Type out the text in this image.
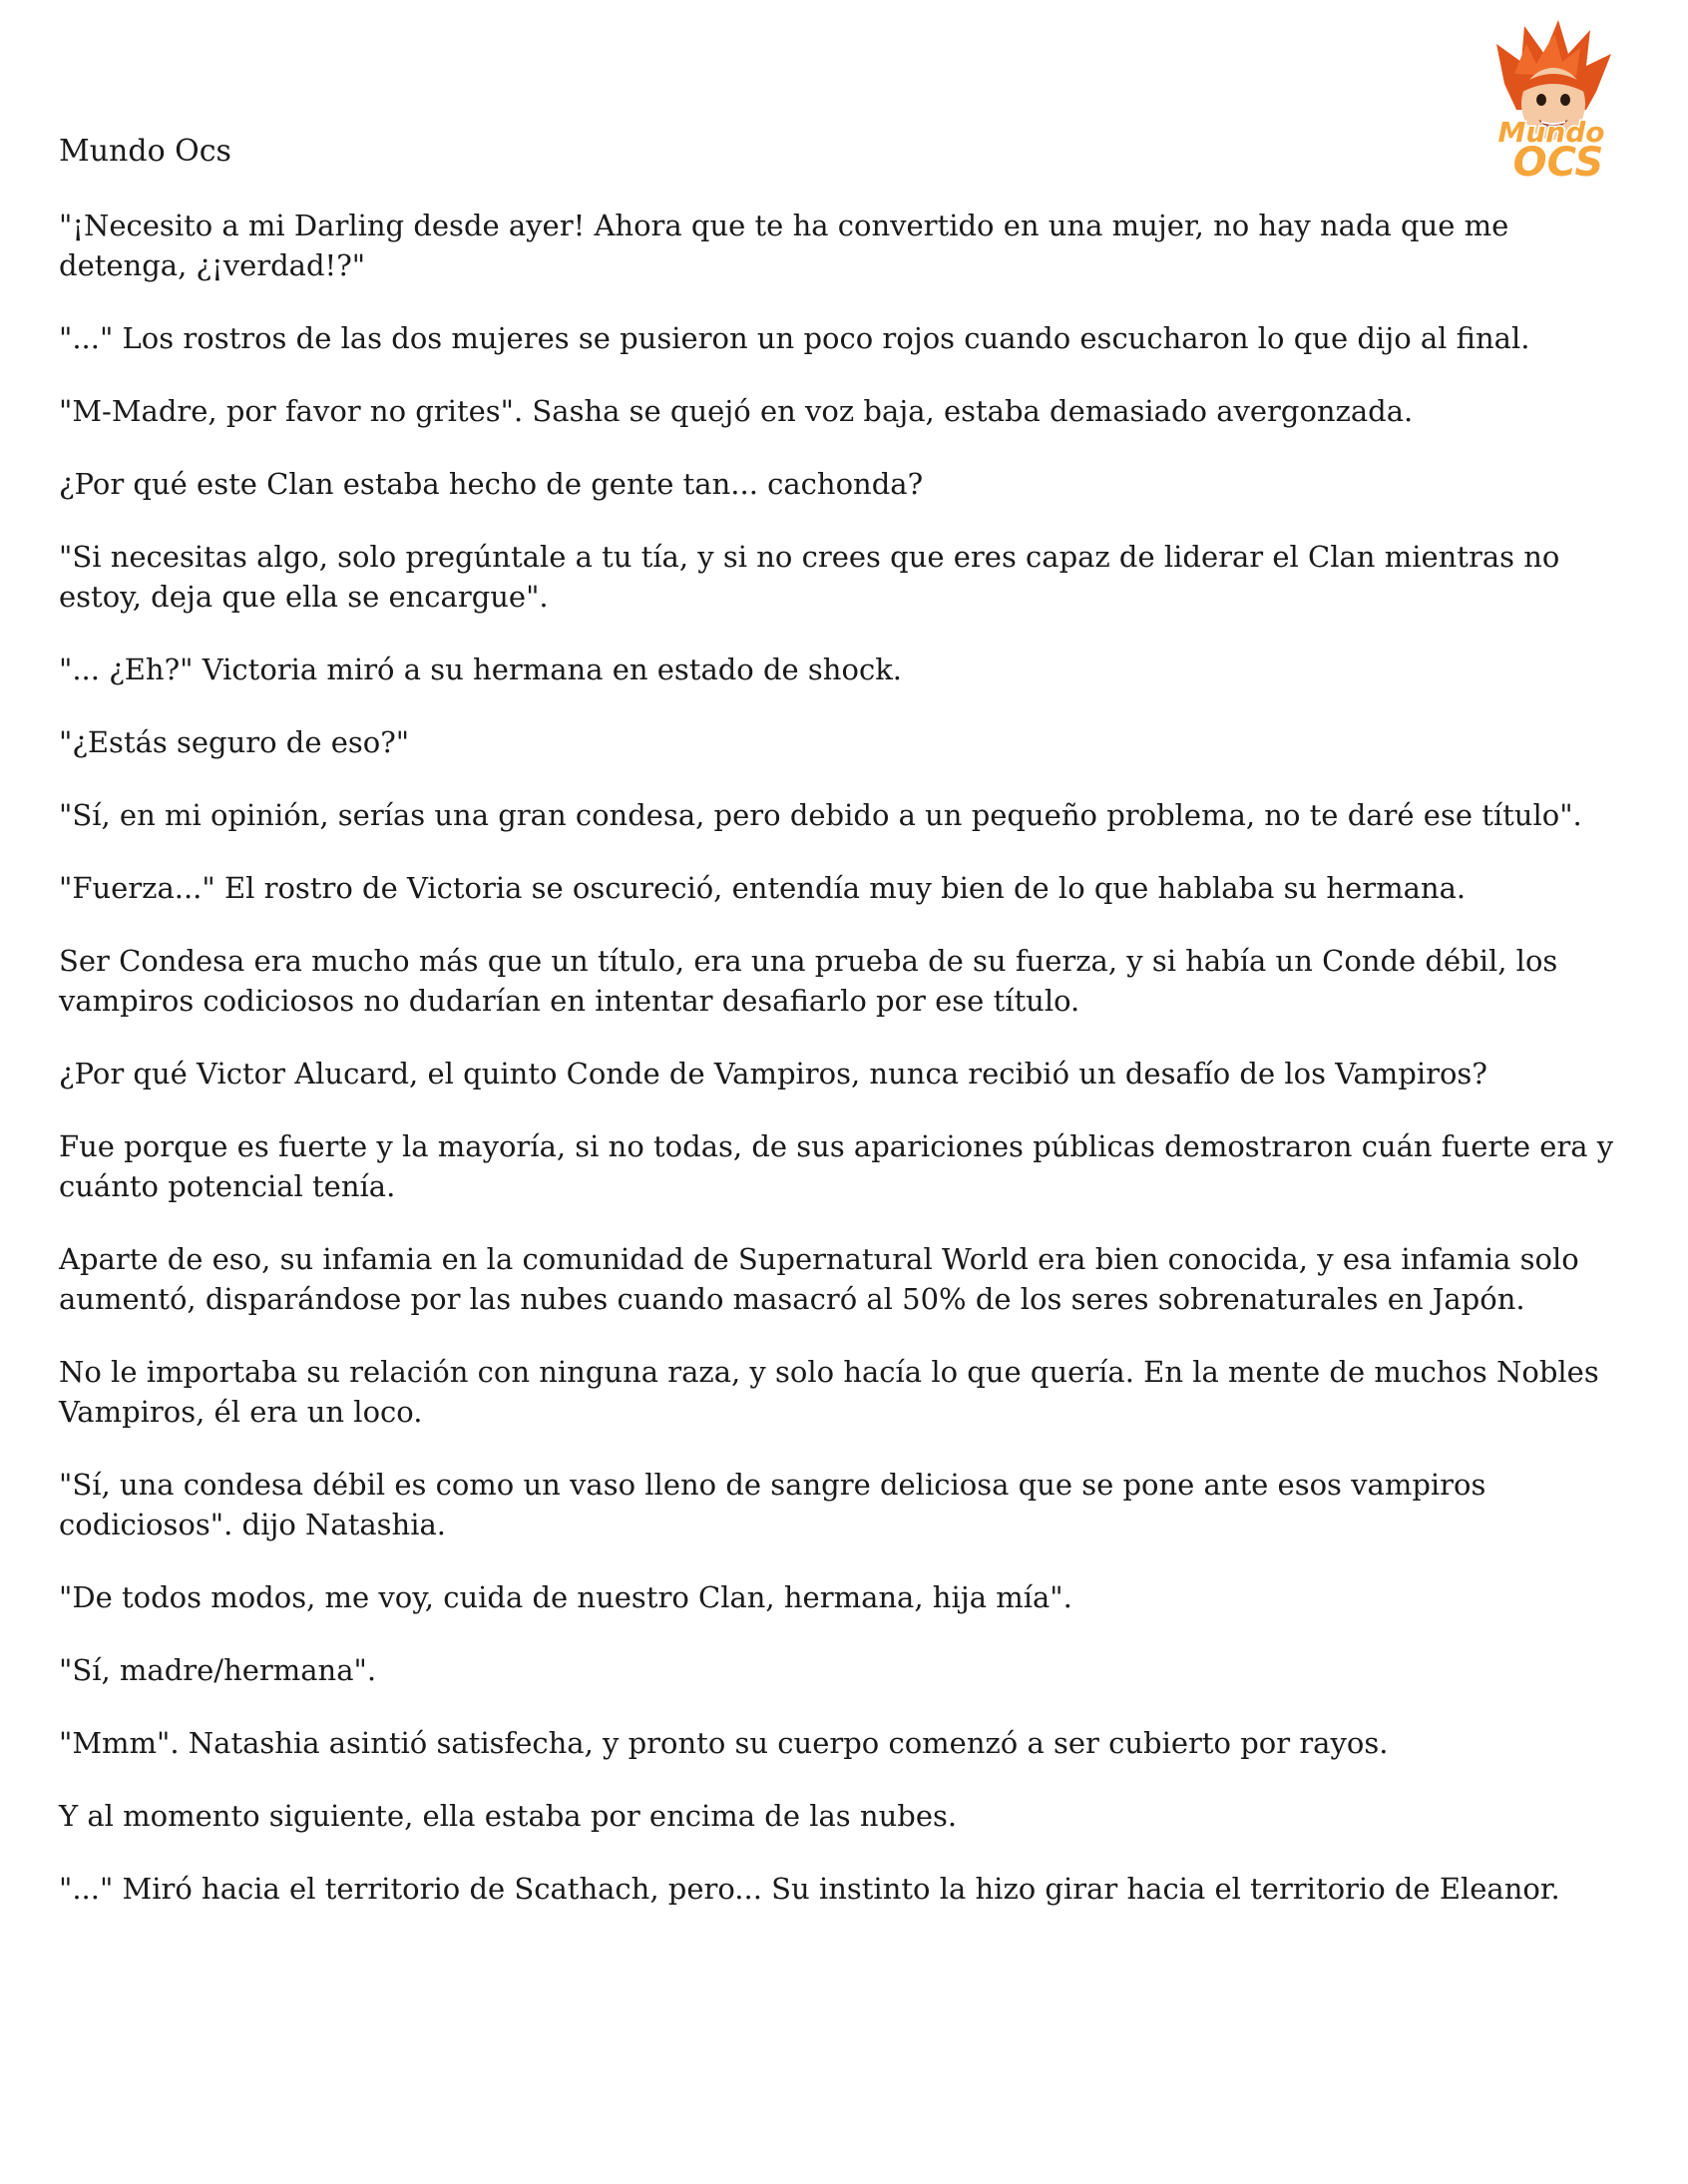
Mundo Ocs
Mundo
OCS

"¡Necesito a mi Darling desde ayer! Ahora que te ha convertido en una mujer, no hay nada que me detenga, ¿¡verdad!?"

"..." Los rostros de las dos mujeres se pusieron un poco rojos cuando escucharon lo que dijo al final.

"M-Madre, por favor no grites". Sasha se quejó en voz baja, estaba demasiado avergonzada.

¿Por qué este Clan estaba hecho de gente tan... cachonda?

"Si necesitas algo, solo pregúntale a tu tía, y si no crees que eres capaz de liderar el Clan mientras no estoy, deja que ella se encargue".

"... ¿Eh?" Victoria miró a su hermana en estado de shock.

"¿Estás seguro de eso?"

"Sí, en mi opinión, serías una gran condesa, pero debido a un pequeño problema, no te daré ese título".

"Fuerza..." El rostro de Victoria se oscureció, entendía muy bien de lo que hablaba su hermana.

Ser Condesa era mucho más que un título, era una prueba de su fuerza, y si había un Conde débil, los vampiros codiciosos no dudarían en intentar desafiarlo por ese título.

¿Por qué Victor Alucard, el quinto Conde de Vampiros, nunca recibió un desafío de los Vampiros?

Fue porque es fuerte y la mayoría, si no todas, de sus apariciones públicas demostraron cuán fuerte era y cuánto potencial tenía.

Aparte de eso, su infamia en la comunidad de Supernatural World era bien conocida, y esa infamia solo aumentó, disparándose por las nubes cuando masacró al 50% de los seres sobrenaturales en Japón.

No le importaba su relación con ninguna raza, y solo hacía lo que quería. En la mente de muchos Nobles Vampiros, él era un loco.

"Sí, una condesa débil es como un vaso lleno de sangre deliciosa que se pone ante esos vampiros codiciosos". dijo Natashia.

"De todos modos, me voy, cuida de nuestro Clan, hermana, hija mía".

"Sí, madre/hermana".

"Mmm". Natashia asintió satisfecha, y pronto su cuerpo comenzó a ser cubierto por rayos.

Y al momento siguiente, ella estaba por encima de las nubes.

"..." Miró hacia el territorio de Scathach, pero... Su instinto la hizo girar hacia el territorio de Eleanor.
